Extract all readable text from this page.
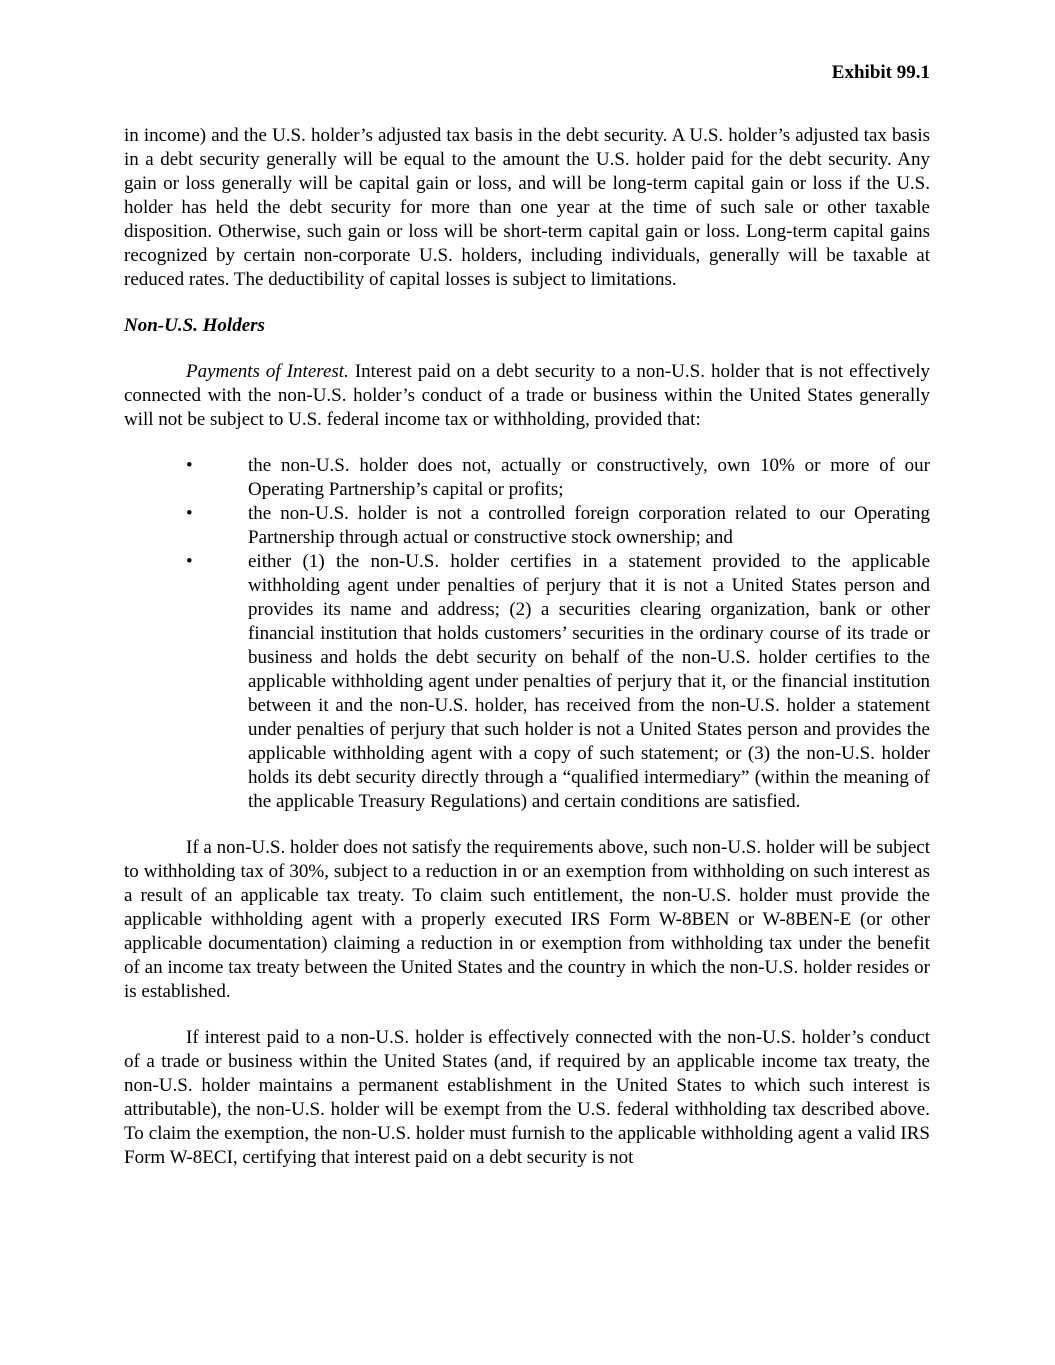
Exhibit 99.1

in income) and the U.S. holder’s adjusted tax basis in the debt security. A U.S. holder’s adjusted tax basis in a debt security generally will be equal to the amount the U.S. holder paid for the debt security. Any gain or loss generally will be capital gain or loss, and will be long-term capital gain or loss if the U.S. holder has held the debt security for more than one year at the time of such sale or other taxable disposition. Otherwise, such gain or loss will be short-term capital gain or loss. Long-term capital gains recognized by certain non-corporate U.S. holders, including individuals, generally will be taxable at reduced rates. The deductibility of capital losses is subject to limitations.

Non-U.S. Holders

Payments of Interest. Interest paid on a debt security to a non-U.S. holder that is not effectively connected with the non-U.S. holder’s conduct of a trade or business within the United States generally will not be subject to U.S. federal income tax or withholding, provided that:

•	the non-U.S. holder does not, actually or constructively, own 10% or more of our Operating Partnership’s capital or profits;
•	the non-U.S. holder is not a controlled foreign corporation related to our Operating Partnership through actual or constructive stock ownership; and
•	either (1) the non-U.S. holder certifies in a statement provided to the applicable withholding agent under penalties of perjury that it is not a United States person and provides its name and address; (2) a securities clearing organization, bank or other financial institution that holds customers’ securities in the ordinary course of its trade or business and holds the debt security on behalf of the non-U.S. holder certifies to the applicable withholding agent under penalties of perjury that it, or the financial institution between it and the non-U.S. holder, has received from the non-U.S. holder a statement under penalties of perjury that such holder is not a United States person and provides the applicable withholding agent with a copy of such statement; or (3) the non-U.S. holder holds its debt security directly through a “qualified intermediary” (within the meaning of the applicable Treasury Regulations) and certain conditions are satisfied.

If a non-U.S. holder does not satisfy the requirements above, such non-U.S. holder will be subject to withholding tax of 30%, subject to a reduction in or an exemption from withholding on such interest as a result of an applicable tax treaty. To claim such entitlement, the non-U.S. holder must provide the applicable withholding agent with a properly executed IRS Form W-8BEN or W-8BEN-E (or other applicable documentation) claiming a reduction in or exemption from withholding tax under the benefit of an income tax treaty between the United States and the country in which the non-U.S. holder resides or is established.

If interest paid to a non-U.S. holder is effectively connected with the non-U.S. holder’s conduct of a trade or business within the United States (and, if required by an applicable income tax treaty, the non-U.S. holder maintains a permanent establishment in the United States to which such interest is attributable), the non-U.S. holder will be exempt from the U.S. federal withholding tax described above. To claim the exemption, the non-U.S. holder must furnish to the applicable withholding agent a valid IRS Form W-8ECI, certifying that interest paid on a debt security is not
